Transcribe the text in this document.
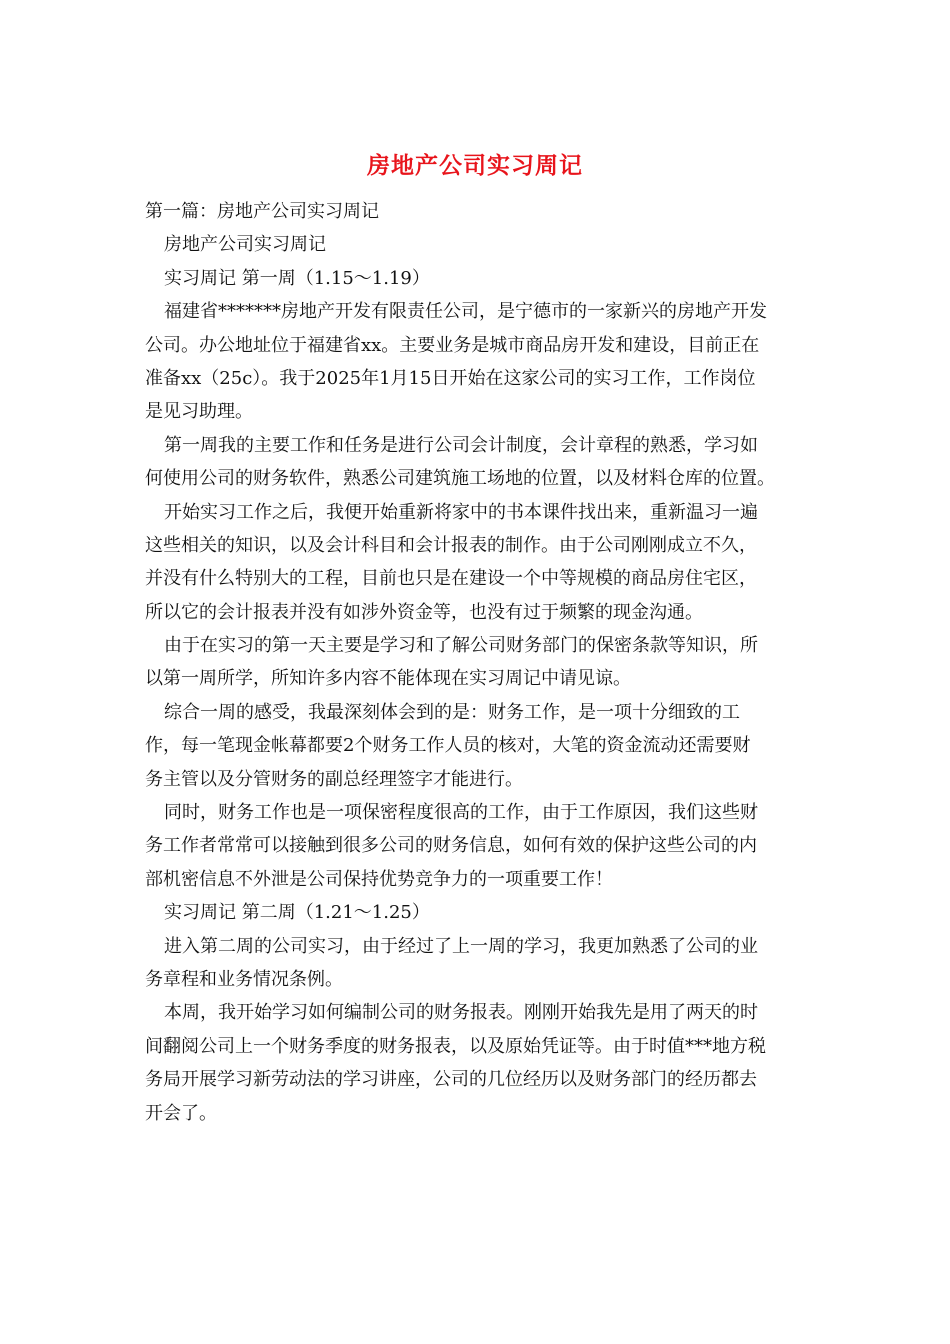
房地产公司实习周记
第一篇：房地产公司实习周记
房地产公司实习周记
实习周记 第一周（1.15～1.19）
福建省*******房地产开发有限责任公司，是宁德市的一家新兴的房地产开发
公司。办公地址位于福建省xx。主要业务是城市商品房开发和建设，目前正在
准备xx（25c）。我于2025年1月15日开始在这家公司的实习工作，工作岗位
是见习助理。
第一周我的主要工作和任务是进行公司会计制度，会计章程的熟悉，学习如
何使用公司的财务软件，熟悉公司建筑施工场地的位置，以及材料仓库的位置。
开始实习工作之后，我便开始重新将家中的书本课件找出来，重新温习一遍
这些相关的知识，以及会计科目和会计报表的制作。由于公司刚刚成立不久，
并没有什么特别大的工程，目前也只是在建设一个中等规模的商品房住宅区，
所以它的会计报表并没有如涉外资金等，也没有过于频繁的现金沟通。
由于在实习的第一天主要是学习和了解公司财务部门的保密条款等知识，所
以第一周所学，所知许多内容不能体现在实习周记中请见谅。
综合一周的感受，我最深刻体会到的是：财务工作，是一项十分细致的工
作，每一笔现金帐幕都要2个财务工作人员的核对，大笔的资金流动还需要财
务主管以及分管财务的副总经理签字才能进行。
同时，财务工作也是一项保密程度很高的工作，由于工作原因，我们这些财
务工作者常常可以接触到很多公司的财务信息，如何有效的保护这些公司的内
部机密信息不外泄是公司保持优势竞争力的一项重要工作！
实习周记 第二周（1.21～1.25）
进入第二周的公司实习，由于经过了上一周的学习，我更加熟悉了公司的业
务章程和业务情况条例。
本周，我开始学习如何编制公司的财务报表。刚刚开始我先是用了两天的时
间翻阅公司上一个财务季度的财务报表，以及原始凭证等。由于时值***地方税
务局开展学习新劳动法的学习讲座，公司的几位经历以及财务部门的经历都去
开会了。
